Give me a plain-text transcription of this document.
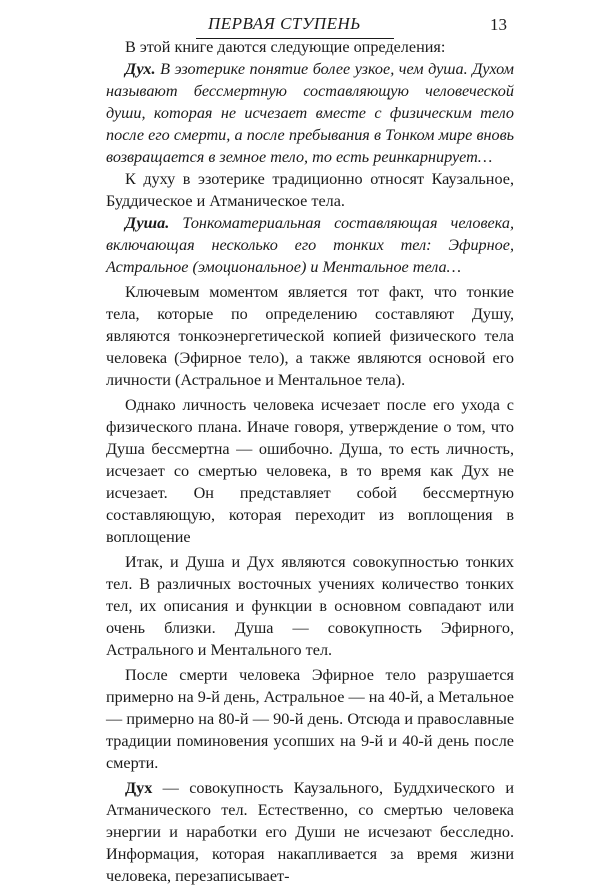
ПЕРВАЯ СТУПЕНЬ	13

В этой книге даются следующие определения:

Дух. В эзотерике понятие более узкое, чем душа. Духом называют бессмертную составляющую человеческой души, которая не исчезает вместе с физическим тело после его смерти, а после пребывания в Тонком мире вновь возвращается в земное тело, то есть реинкарнирует…

К духу в эзотерике традиционно относят Каузальное, Буддическое и Атманическое тела.

Душа. Тонкоматериальная составляющая человека, включающая несколько его тонких тел: Эфирное, Астральное (эмоциональное) и Ментальное тела…

Ключевым моментом является тот факт, что тонкие тела, которые по определению составляют Душу, являются тонкоэнергетической копией физического тела человека (Эфирное тело), а также являются основой его личности (Астральное и Ментальное тела).

Однако личность человека исчезает после его ухода с физического плана. Иначе говоря, утверждение о том, что Душа бессмертна — ошибочно. Душа, то есть личность, исчезает со смертью человека, в то время как Дух не исчезает. Он представляет собой бессмертную составляющую, которая переходит из воплощения в воплощение

Итак, и Душа и Дух являются совокупностью тонких тел. В различных восточных учениях количество тонких тел, их описания и функции в основном совпадают или очень близки. Душа — совокупность Эфирного, Астрального и Ментального тел.

После смерти человека Эфирное тело разрушается примерно на 9-й день, Астральное — на 40-й, а Метальное — примерно на 80-й — 90-й день. Отсюда и православные традиции поминовения усопших на 9-й и 40-й день после смерти.

Дух — совокупность Каузального, Буддхического и Атманического тел. Естественно, со смертью человека энергии и наработки его Души не исчезают бесследно. Информация, которая накапливается за время жизни человека, перезаписывает-
